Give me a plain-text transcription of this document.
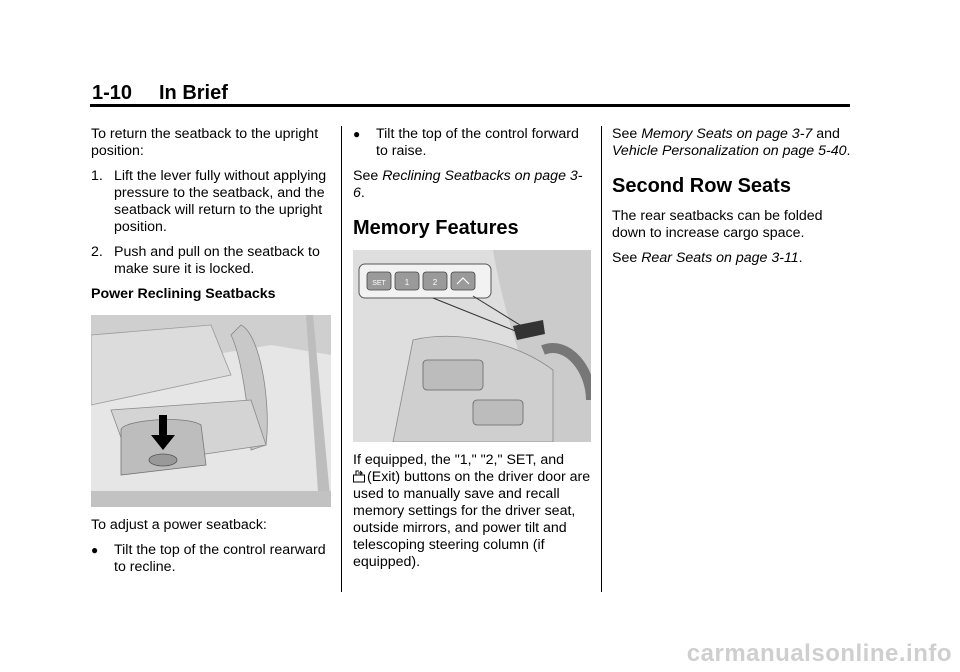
1-10 In Brief

To return the seatback to the upright position:

1. Lift the lever fully without applying pressure to the seatback, and the seatback will return to the upright position.
2. Push and pull on the seatback to make sure it is locked.

Power Reclining Seatbacks

To adjust a power seatback:

● Tilt the top of the control rearward to recline.
● Tilt the top of the control forward to raise.

See Reclining Seatbacks on page 3-6.

Memory Features
SET 1	2

If equipped, the "1," "2," SET, and
(Exit) buttons on the driver door are used to manually save and recall memory settings for the driver seat, outside mirrors, and power tilt and telescoping steering column (if equipped).

See Memory Seats on page 3-7 and Vehicle Personalization on page 5-40.

Second Row Seats

The rear seatbacks can be folded down to increase cargo space.

See Rear Seats on page 3-11.

carmanualsonline.info
